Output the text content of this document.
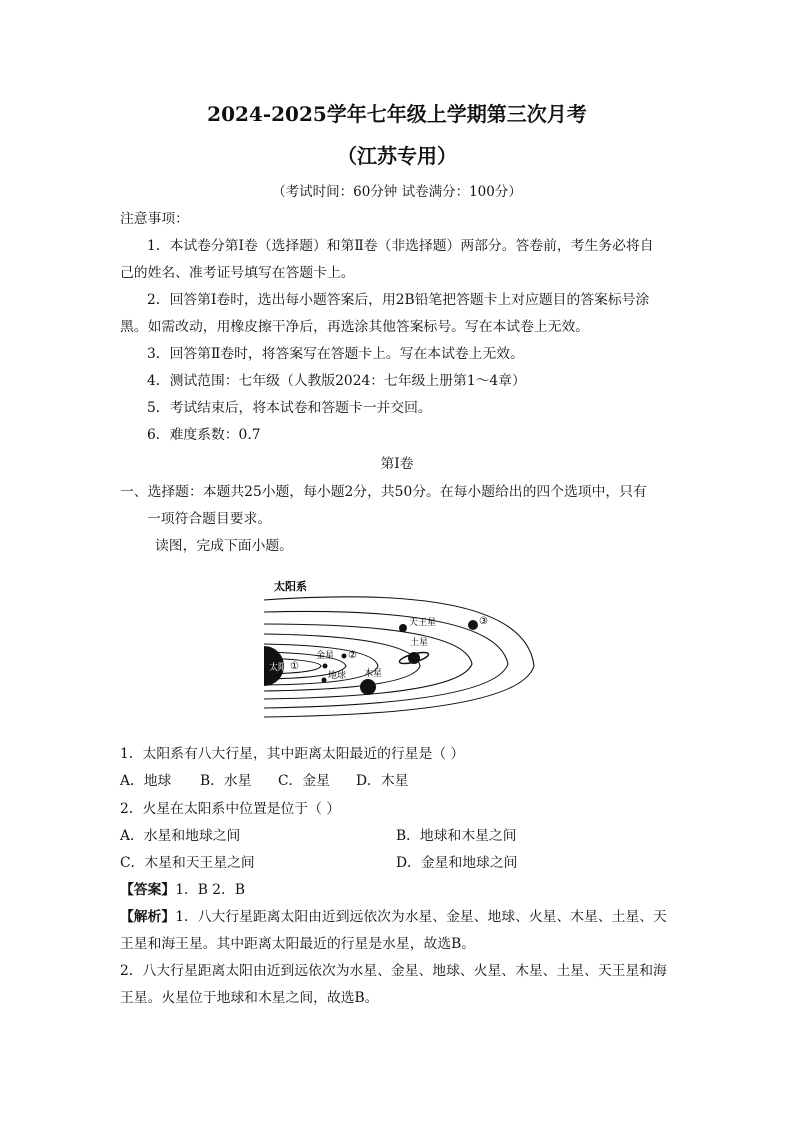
2024-2025学年七年级上学期第三次月考
（江苏专用）
（考试时间：60分钟 试卷满分：100分）
注意事项：
1．本试卷分第Ⅰ卷（选择题）和第Ⅱ卷（非选择题）两部分。答卷前，考生务必将自
己的姓名、准考证号填写在答题卡上。
2．回答第Ⅰ卷时，选出每小题答案后，用2B铅笔把答题卡上对应题目的答案标号涂
黑。如需改动，用橡皮擦干净后，再选涂其他答案标号。写在本试卷上无效。
3．回答第Ⅱ卷时，将答案写在答题卡上。写在本试卷上无效。
4．测试范围：七年级（人教版2024：七年级上册第1～4章）
5．考试结束后，将本试卷和答题卡一并交回。
6．难度系数：0.7
第Ⅰ卷
一、选择题：本题共25小题，每小题2分，共50分。在每小题给出的四个选项中，只有
一项符合题目要求。
读图，完成下面小题。
太阳
金星
地球
①
②
木星
土星
天王星	③
太阳系
1．太阳系有八大行星，其中距离太阳最近的行星是（ ）
A．地球 B．水星 C．金星 D．木星
2．火星在太阳系中位置是位于（ ）
A．水星和地球之间	B．地球和木星之间
C．木星和天王星之间	D．金星和地球之间
【答案】1．B 2．B
【解析】1．八大行星距离太阳由近到远依次为水星、金星、地球、火星、木星、土星、天
王星和海王星。其中距离太阳最近的行星是水星，故选B。
2．八大行星距离太阳由近到远依次为水星、金星、地球、火星、木星、土星、天王星和海
王星。火星位于地球和木星之间，故选B。
